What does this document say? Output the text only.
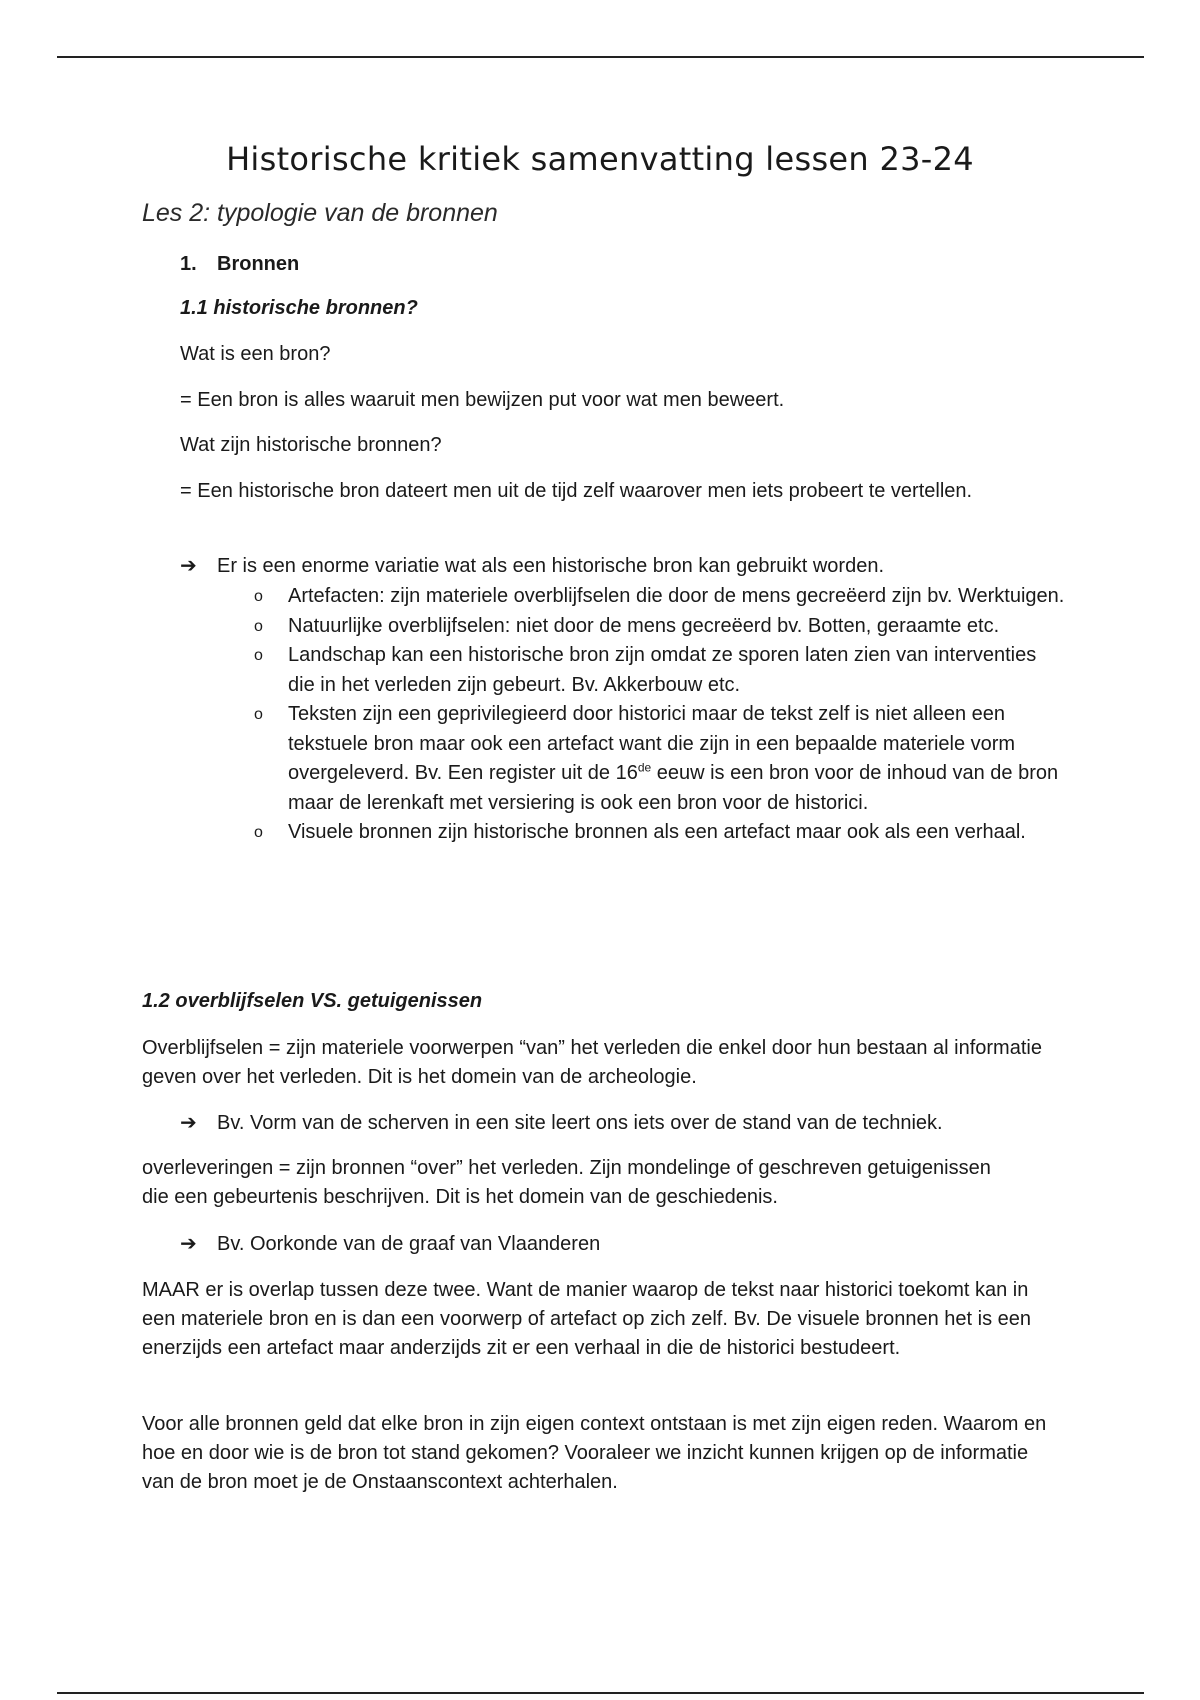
Historische kritiek samenvatting lessen 23-24
Les 2: typologie van de bronnen
1. Bronnen
1.1 historische bronnen?

Wat is een bron?

= Een bron is alles waaruit men bewijzen put voor wat men beweert.

Wat zijn historische bronnen?

= Een historische bron dateert men uit de tijd zelf waarover men iets probeert te vertellen.

➔ Er is een enorme variatie wat als een historische bron kan gebruikt worden.
o Artefacten: zijn materiele overblijfselen die door de mens gecreëerd zijn bv. Werktuigen.
o Natuurlijke overblijfselen: niet door de mens gecreëerd bv. Botten, geraamte etc.
o Landschap kan een historische bron zijn omdat ze sporen laten zien van interventies die in het verleden zijn gebeurt. Bv. Akkerbouw etc.
o Teksten zijn een geprivilegieerd door historici maar de tekst zelf is niet alleen een tekstuele bron maar ook een artefact want die zijn in een bepaalde materiele vorm overgeleverd. Bv. Een register uit de 16de eeuw is een bron voor de inhoud van de bron maar de lerenkaft met versiering is ook een bron voor de historici.
o Visuele bronnen zijn historische bronnen als een artefact maar ook als een verhaal.
1.2 overblijfselen VS. getuigenissen

Overblijfselen = zijn materiele voorwerpen “van” het verleden die enkel door hun bestaan al informatie geven over het verleden. Dit is het domein van de archeologie.

➔ Bv. Vorm van de scherven in een site leert ons iets over de stand van de techniek.

overleveringen = zijn bronnen “over” het verleden. Zijn mondelinge of geschreven getuigenissen die een gebeurtenis beschrijven. Dit is het domein van de geschiedenis.

➔ Bv. Oorkonde van de graaf van Vlaanderen

MAAR er is overlap tussen deze twee. Want de manier waarop de tekst naar historici toekomt kan in een materiele bron en is dan een voorwerp of artefact op zich zelf. Bv. De visuele bronnen het is een enerzijds een artefact maar anderzijds zit er een verhaal in die de historici bestudeert.

Voor alle bronnen geld dat elke bron in zijn eigen context ontstaan is met zijn eigen reden. Waarom en hoe en door wie is de bron tot stand gekomen? Vooraleer we inzicht kunnen krijgen op de informatie van de bron moet je de Onstaanscontext achterhalen.
